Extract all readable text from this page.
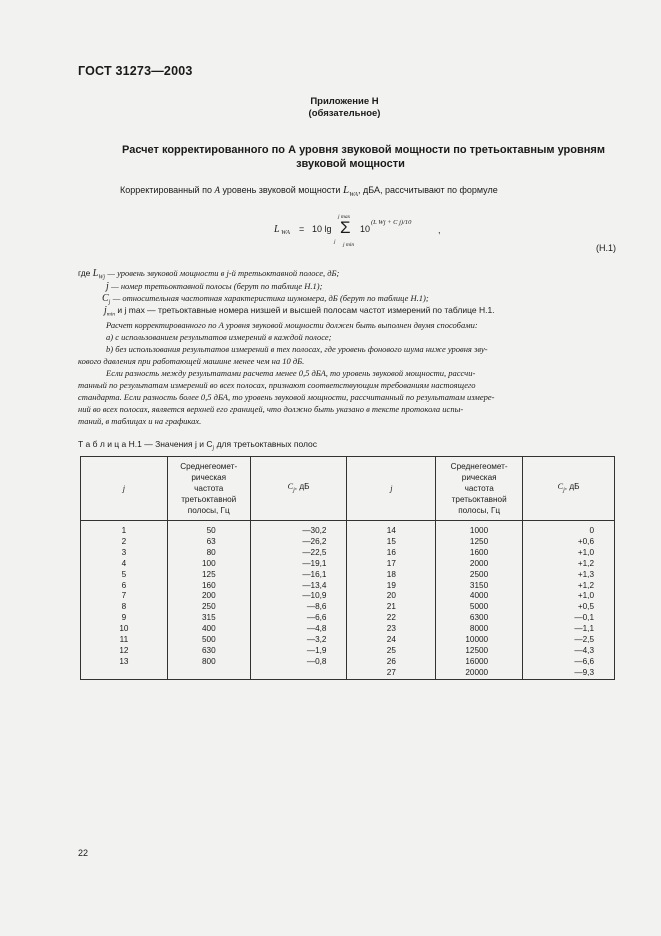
ГОСТ 31273—2003
Приложение Н
(обязательное)
Расчет корректированного по А уровня звуковой мощности по третьоктавным уровням
звуковой мощности
Корректированный по А уровень звуковой мощности $L_{WA}$, дБА, рассчитывают по формуле
L WA = 10 lg
j max
Σ
j j min
10
(L Wj + C j)/10
,
(Н.1)
где $L_{Wj}$ — уровень звуковой мощности в j-й третьоктавной полосе, дБ;
j — номер третьоктавной полосы (берут по таблице Н.1);
$C_j$ — относительная частотная характеристика шумомера, дБ (берут по таблице Н.1);
$j_{min}$ и j max — третьоктавные номера низшей и высшей полосам частот измерений по таблице Н.1.
Расчет корректированного по А уровня звуковой мощности должен быть выполнен двумя способами:
а) с использованием результатов измерений в каждой полосе;
b) без использования результатов измерений в тех полосах, где уровень фонового шума ниже уровня зву-
кового давления при работающей машине менее чем на 10 дБ.
Если разность между результатами расчета менее 0,5 дБА, то уровень звуковой мощности, рассчи-
танный по результатам измерений во всех полосах, признают соответствующим требованиям настоящего
стандарта. Если разность более 0,5 дБА, то уровень звуковой мощности, рассчитанный по результатам измере-
ний во всех полосах, является верхней его границей, что должно быть указано в тексте протокола испы-
таний, в таблицах и на графиках.
Т а б л и ц а Н.1 — Значения j и $C_j$ для третьоктавных полос
j	Среднегеомет-
рическая
частота
третьоктавной
полосы, Гц	$C_j$, дБ	j	Среднегеомет-
рическая
частота
третьоктавной
полосы, Гц	$C_j$, дБ
1	50	—30,2	14	1000	0
2	63	—26,2	15	1250	+0,6
3	80	—22,5	16	1600	+1,0
4	100	—19,1	17	2000	+1,2
5	125	—16,1	18	2500	+1,3
6	160	—13,4	19	3150	+1,2
7	200	—10,9	20	4000	+1,0
8	250	—8,6	21	5000	+0,5
9	315	—6,6	22	6300	—0,1
10	400	—4,8	23	8000	—1,1
11	500	—3,2	24	10000	—2,5
12	630	—1,9	25	12500	—4,3
13	800	—0,8	26	16000	—6,6
			27	20000	—9,3
22
